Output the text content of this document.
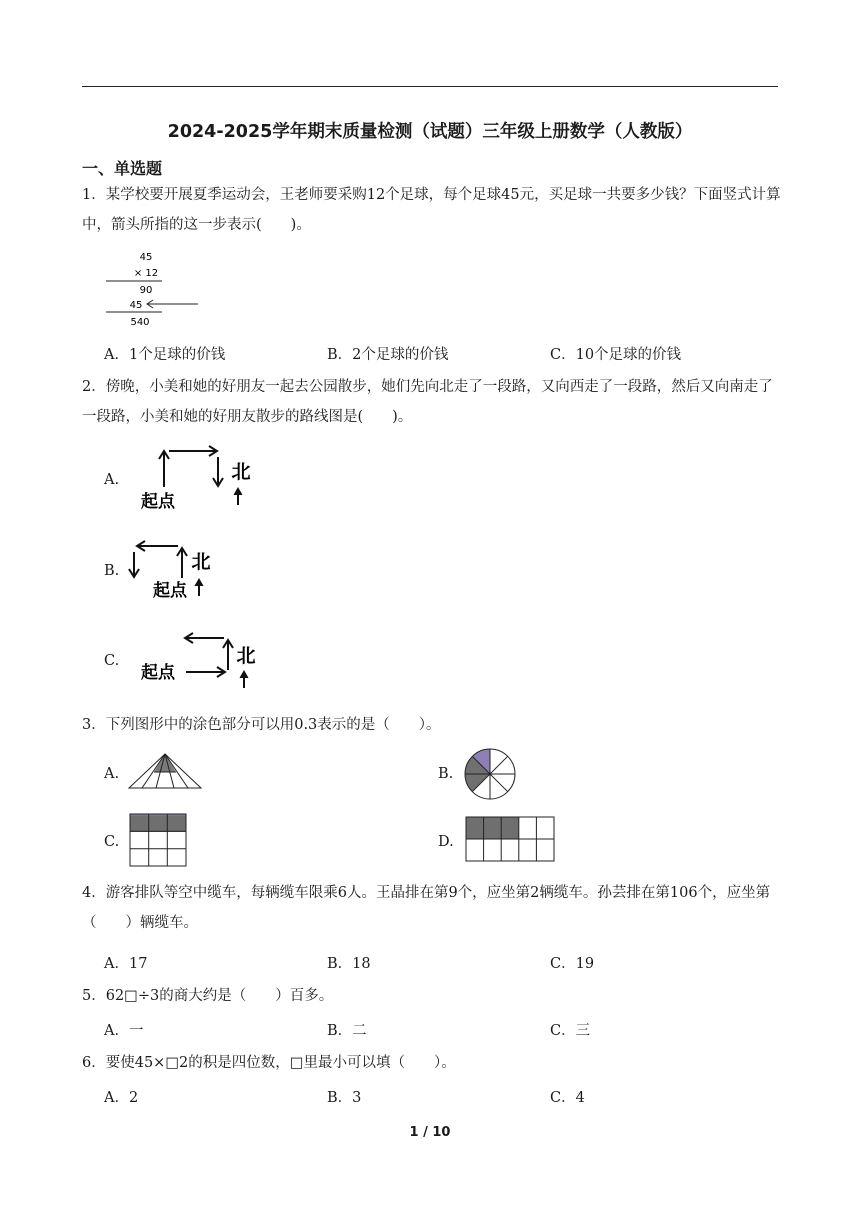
2024-2025学年期末质量检测（试题）三年级上册数学（人教版）
一、单选题
1．某学校要开展夏季运动会，王老师要采购12个足球，每个足球45元，买足球一共要多少钱？下面竖式计算中，箭头所指的这一步表示(　　)。
45
× 12
90
45
540
A．1个足球的价钱	B．2个足球的价钱	C．10个足球的价钱
2．傍晚，小美和她的好朋友一起去公园散步，她们先向北走了一段路，又向西走了一段路，然后又向南走了一段路，小美和她的好朋友散步的路线图是(　　)。
A.
起点
北
B.
起点
北
C.
起点
北
3．下列图形中的涂色部分可以用0.3表示的是（　　）。
A.	B.
C.	D.
4．游客排队等空中缆车，每辆缆车限乘6人。王晶排在第9个，应坐第2辆缆车。孙芸排在第106个，应坐第（　　）辆缆车。
A．17	B．18	C．19
5．62□÷3的商大约是（　　）百多。
A．一	B．二	C．三
6．要使45×□2的积是四位数，□里最小可以填（　　）。
A．2	B．3	C．4
1 / 10
